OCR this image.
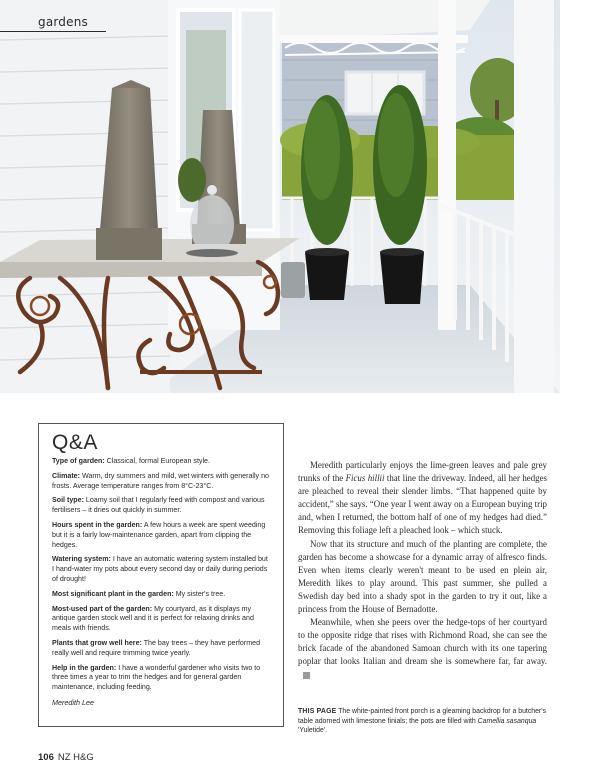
gardens
Q&A
Type of garden: Classical, formal European style.
Climate: Warm, dry summers and mild, wet winters with generally no frosts. Average temperature ranges from 8°C-23°C.
Soil type: Loamy soil that I regularly feed with compost and various fertilisers – it dries out quickly in summer.
Hours spent in the garden: A few hours a week are spent weeding but it is a fairly low-maintenance garden, apart from clipping the hedges.
Watering system: I have an automatic watering system installed but I hand-water my pots about every second day or daily during periods of drought!
Most significant plant in the garden: My sister's tree.
Most-used part of the garden: My courtyard, as it displays my antique garden stock well and it is perfect for relaxing drinks and meals with friends.
Plants that grow well here: The bay trees – they have performed really well and require trimming twice yearly.
Help in the garden: I have a wonderful gardener who visits two to three times a year to trim the hedges and for general garden maintenance, including feeding.
Meredith Lee

Meredith particularly enjoys the lime-green leaves and pale grey trunks of the Ficus hillii that line the driveway. Indeed, all her hedges are pleached to reveal their slender limbs. “That happened quite by accident,” she says. “One year I went away on a European buying trip and, when I returned, the bottom half of one of my hedges had died.” Removing this foliage left a pleached look – which stuck.

Now that its structure and much of the planting are complete, the garden has become a showcase for a dynamic array of alfresco finds. Even when items clearly weren't meant to be used en plein air, Meredith likes to play around. This past summer, she pulled a Swedish day bed into a shady spot in the garden to try it out, like a princess from the House of Bernadotte.

Meanwhile, when she peers over the hedge-tops of her courtyard to the opposite ridge that rises with Richmond Road, she can see the brick facade of the abandoned Samoan church with its one tapering poplar that looks Italian and dream she is somewhere far, far away.

THIS PAGE The white-painted front porch is a gleaming backdrop for a butcher's table adorned with limestone finials; the pots are filled with Camellia sasanqua 'Yuletide'.
106 NZ H&G
